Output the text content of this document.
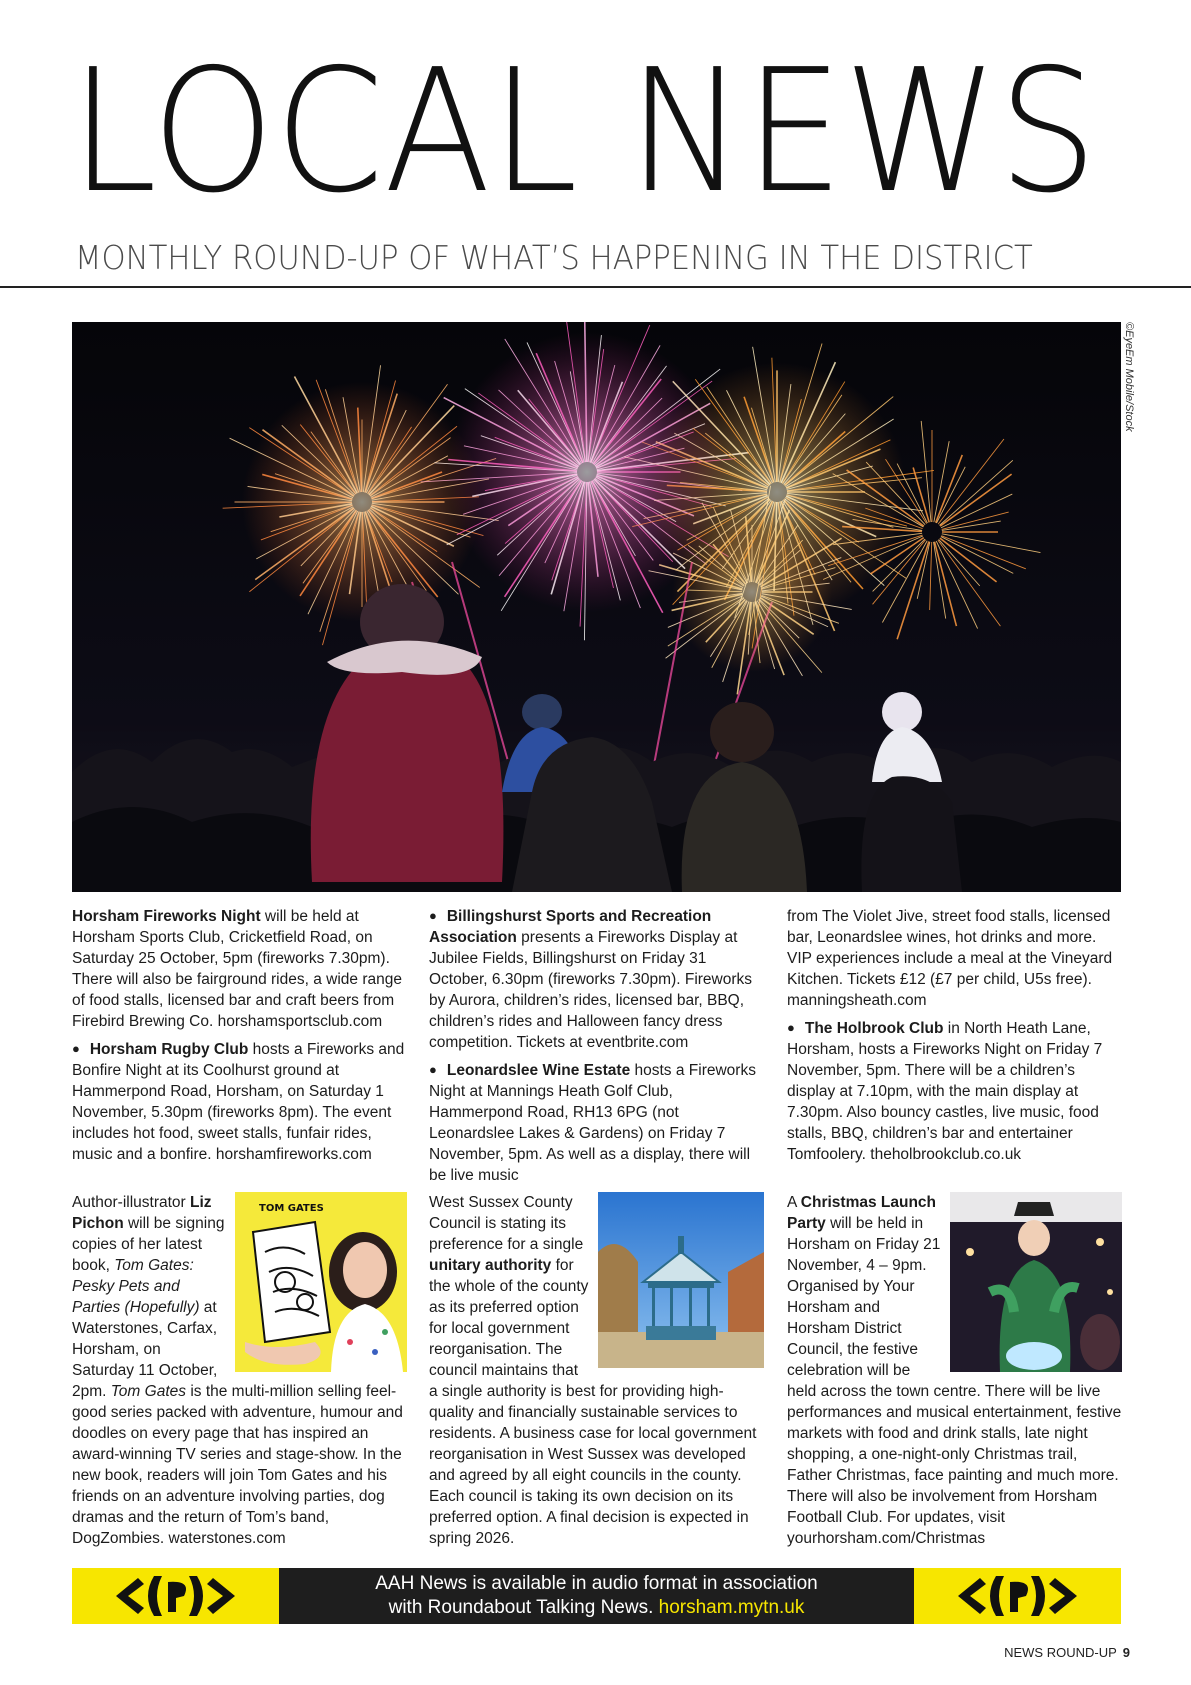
LOCAL NEWS
MONTHLY ROUND-UP OF WHAT’S HAPPENING IN THE DISTRICT
©EyeEm Mobile/Stock

Horsham Fireworks Night will be held at Horsham Sports Club, Cricketfield Road, on Saturday 25 October, 5pm (fireworks 7.30pm). There will also be fairground rides, a wide range of food stalls, licensed bar and craft beers from Firebird Brewing Co. horshamsportsclub.com

● Horsham Rugby Club hosts a Fireworks and Bonfire Night at its Coolhurst ground at Hammerpond Road, Horsham, on Saturday 1 November, 5.30pm (fireworks 8pm). The event includes hot food, sweet stalls, funfair rides, music and a bonfire. horshamfireworks.com

● Billingshurst Sports and Recreation Association presents a Fireworks Display at Jubilee Fields, Billingshurst on Friday 31 October, 6.30pm (fireworks 7.30pm). Fireworks by Aurora, children’s rides, licensed bar, BBQ, children’s rides and Halloween fancy dress competition. Tickets at eventbrite.com

● Leonardslee Wine Estate hosts a Fireworks Night at Mannings Heath Golf Club, Hammerpond Road, RH13 6PG (not Leonardslee Lakes & Gardens) on Friday 7 November, 5pm. As well as a display, there will be live music

from The Violet Jive, street food stalls, licensed bar, Leonardslee wines, hot drinks and more. VIP experiences include a meal at the Vineyard Kitchen. Tickets £12 (£7 per child, U5s free). manningsheath.com

● The Holbrook Club in North Heath Lane, Horsham, hosts a Fireworks Night on Friday 7 November, 5pm. There will be a children’s display at 7.10pm, with the main display at 7.30pm. Also bouncy castles, live music, food stalls, BBQ, children’s bar and entertainer Tomfoolery. theholbrookclub.co.uk

TOM GATES
Author-illustrator Liz Pichon will be signing copies of her latest book, Tom Gates: Pesky Pets and Parties (Hopefully) at Waterstones, Carfax, Horsham, on Saturday 11 October, 2pm. Tom Gates is the multi-million selling feel-good series packed with adventure, humour and doodles on every page that has inspired an award-winning TV series and stage-show. In the new book, readers will join Tom Gates and his friends on an adventure involving parties, dog dramas and the return of Tom’s band, DogZombies. waterstones.com
West Sussex County Council is stating its preference for a single unitary authority for the whole of the county as its preferred option for local government reorganisation. The council maintains that a single authority is best for providing high-quality and financially sustainable services to residents. A business case for local government reorganisation in West Sussex was developed and agreed by all eight councils in the county. Each council is taking its own decision on its preferred option. A final decision is expected in spring 2026.
A Christmas Launch Party will be held in Horsham on Friday 21 November, 4 – 9pm. Organised by Your Horsham and Horsham District Council, the festive celebration will be held across the town centre. There will be live performances and musical entertainment, festive markets with food and drink stalls, late night shopping, a one-night-only Christmas trail, Father Christmas, face painting and much more. There will also be involvement from Horsham Football Club. For updates, visit yourhorsham.com/Christmas
AAH News is available in audio format in association
with Roundabout Talking News. horsham.mytn.uk
NEWS ROUND-UP 9
